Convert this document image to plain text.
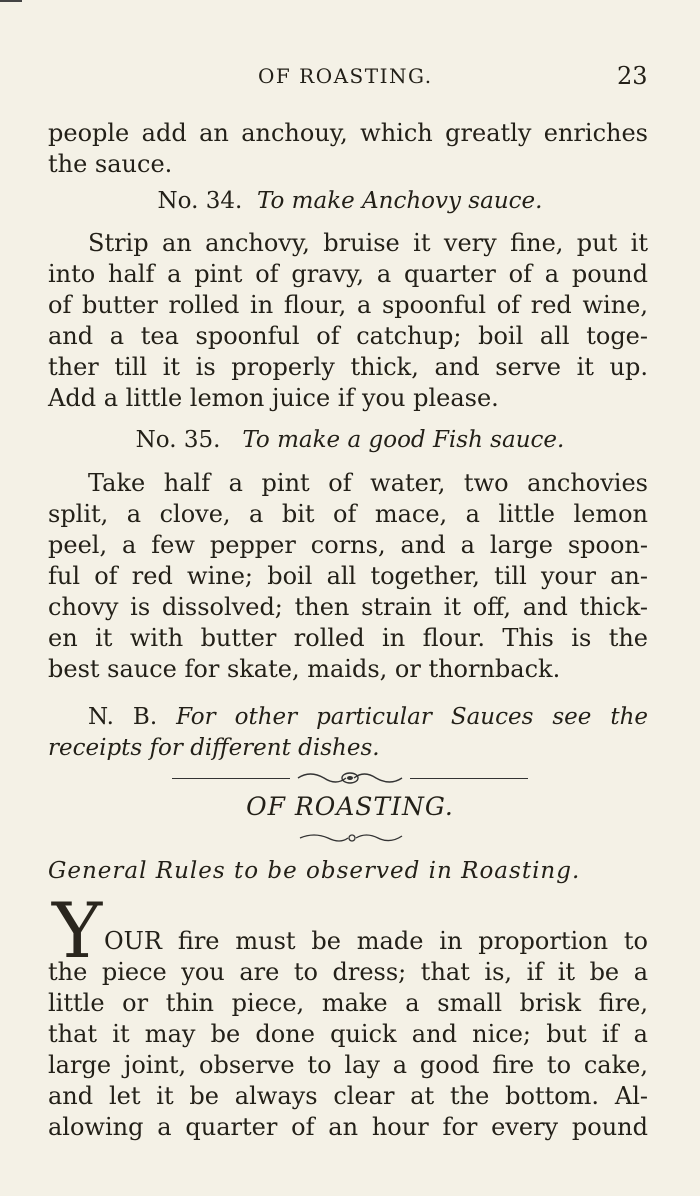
OF ROASTING.	23
people add an anchouy, which greatly enriches
the sauce.
No. 34. To make Anchovy sauce.
Strip an anchovy, bruise it very fine, put it
into half a pint of gravy, a quarter of a pound
of butter rolled in flour, a spoonful of red wine,
and a tea spoonful of catchup; boil all toge-
ther till it is properly thick, and serve it up.
Add a little lemon juice if you please.
No. 35. To make a good Fish sauce.
Take half a pint of water, two anchovies
split, a clove, a bit of mace, a little lemon
peel, a few pepper corns, and a large spoon-
ful of red wine; boil all together, till your an-
chovy is dissolved; then strain it off, and thick-
en it with butter rolled in flour. This is the
best sauce for skate, maids, or thornback.
N. B. For other particular Sauces see the
receipts for different dishes.
OF ROASTING.
General Rules to be observed in Roasting.
Y OUR fire must be made in proportion to
the piece you are to dress; that is, if it be a
little or thin piece, make a small brisk fire,
that it may be done quick and nice; but if a
large joint, observe to lay a good fire to cake,
and let it be always clear at the bottom. Al-
alowing a quarter of an hour for every pound
